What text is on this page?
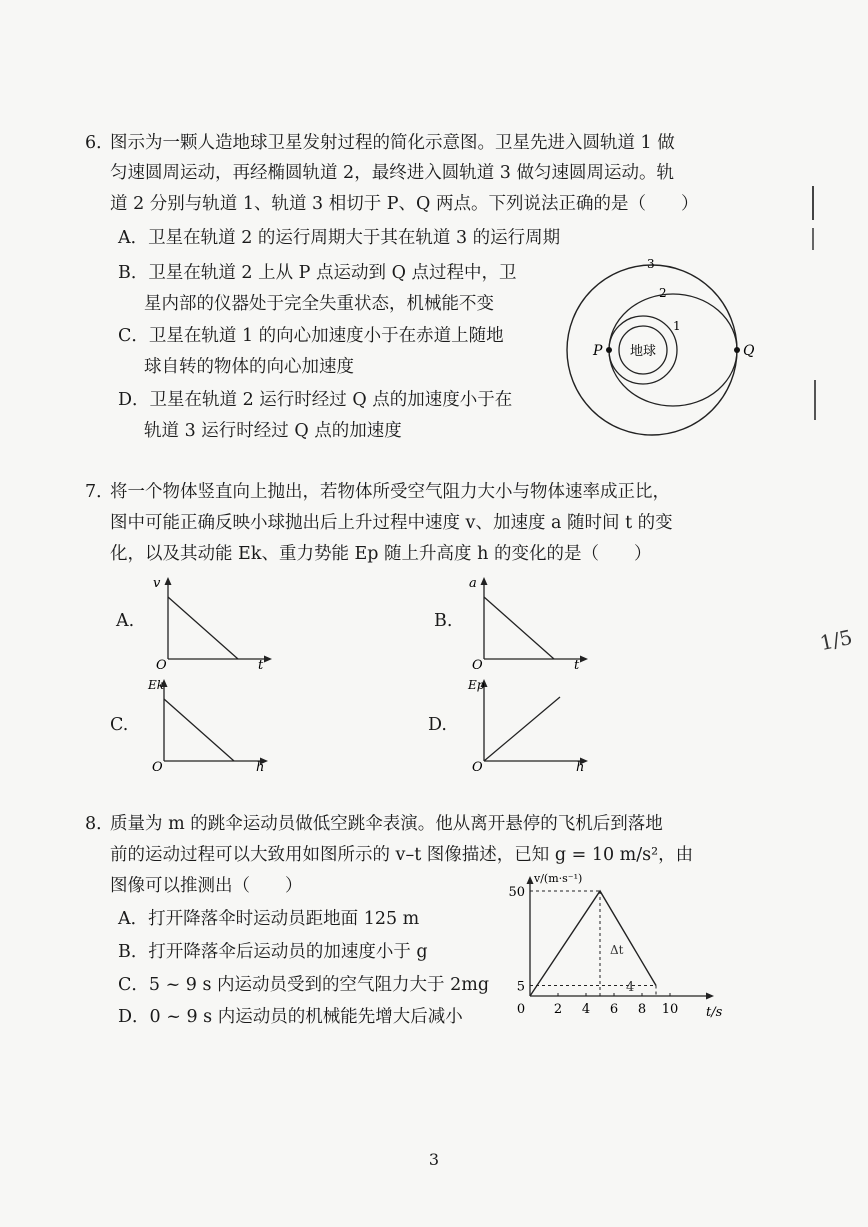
6．
图示为一颗人造地球卫星发射过程的简化示意图。卫星先进入圆轨道 1 做
匀速圆周运动，再经椭圆轨道 2，最终进入圆轨道 3 做匀速圆周运动。轨
道 2 分别与轨道 1、轨道 3 相切于 P、Q 两点。下列说法正确的是（　　）
A．卫星在轨道 2 的运行周期大于其在轨道 3 的运行周期
B．卫星在轨道 2 上从 P 点运动到 Q 点过程中，卫
星内部的仪器处于完全失重状态，机械能不变
C．卫星在轨道 1 的向心加速度小于在赤道上随地
球自转的物体的向心加速度
D．卫星在轨道 2 运行时经过 Q 点的加速度小于在
轨道 3 运行时经过 Q 点的加速度
地球
P	Q
1
2
3
7．
将一个物体竖直向上抛出，若物体所受空气阻力大小与物体速率成正比，
图中可能正确反映小球抛出后上升过程中速度 v、加速度 a 随时间 t 的变
化，以及其动能 Ek、重力势能 Ep 随上升高度 h 的变化的是（　　）
A.
v
t
O
B.
a
t
O
C.
Ek
h
O
D.
Ep
h
O
8．
质量为 m 的跳伞运动员做低空跳伞表演。他从离开悬停的飞机后到落地
前的运动过程可以大致用如图所示的 v–t 图像描述，已知 g = 10 m/s²，由
图像可以推测出（　　）
A．打开降落伞时运动员距地面 125 m
B．打开降落伞后运动员的加速度小于 g
C．5 ~ 9 s 内运动员受到的空气阻力大于 2mg
D．0 ~ 9 s 内运动员的机械能先增大后减小	0 2 4 6 8 10
50
5
v/(m·s⁻¹)
t/s
Δt
4
3
1/5
